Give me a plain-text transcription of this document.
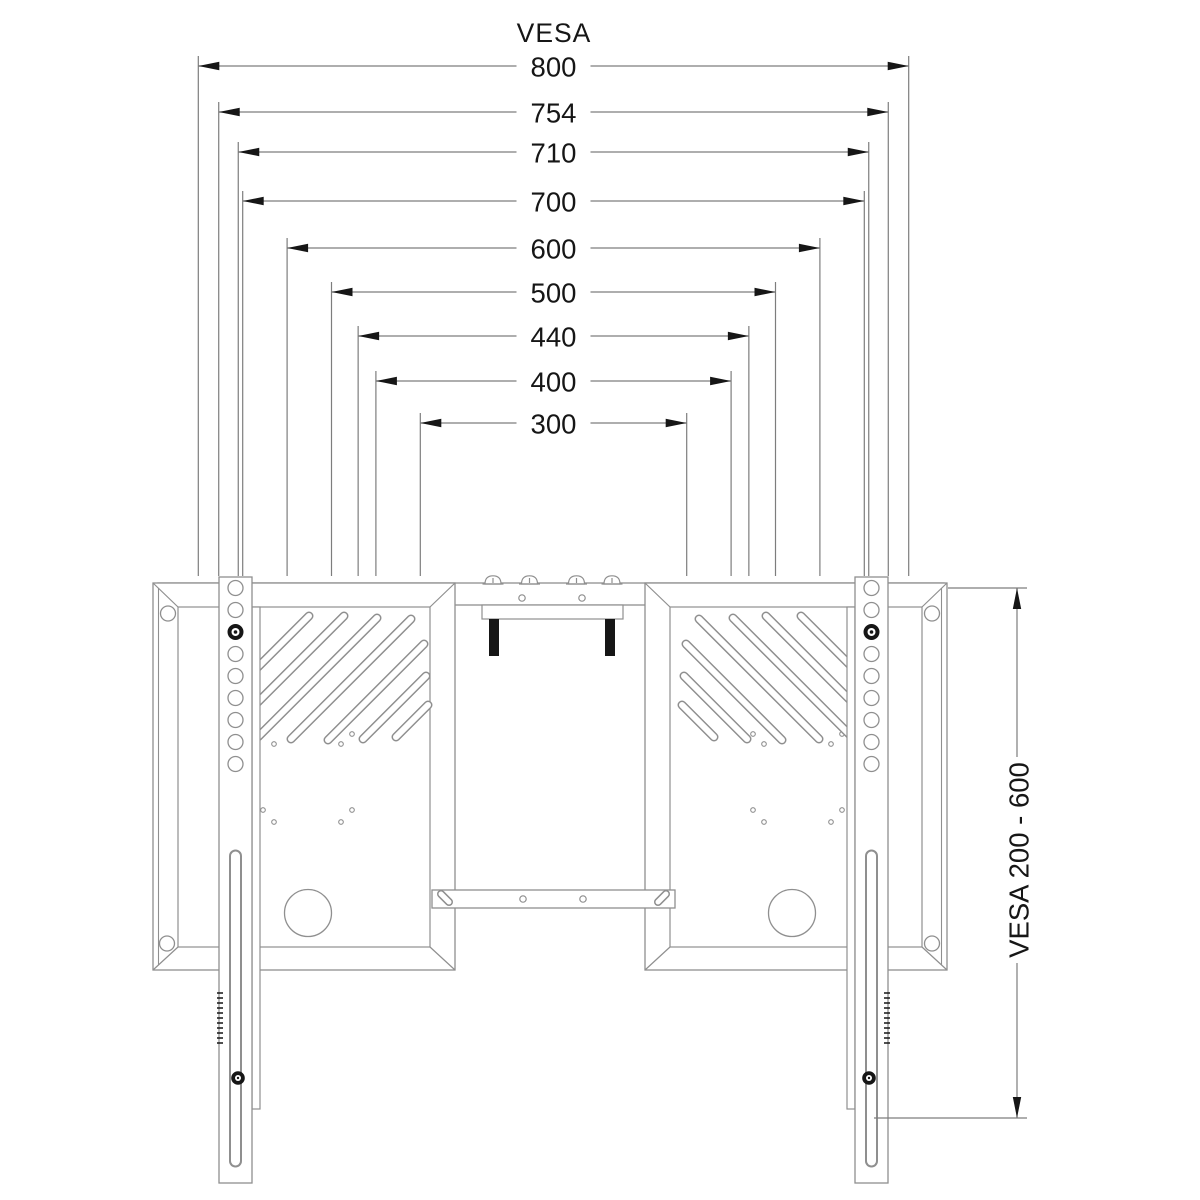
800
754
710
700
600
500
440
400
300
VESA 200 - 600
VESA
